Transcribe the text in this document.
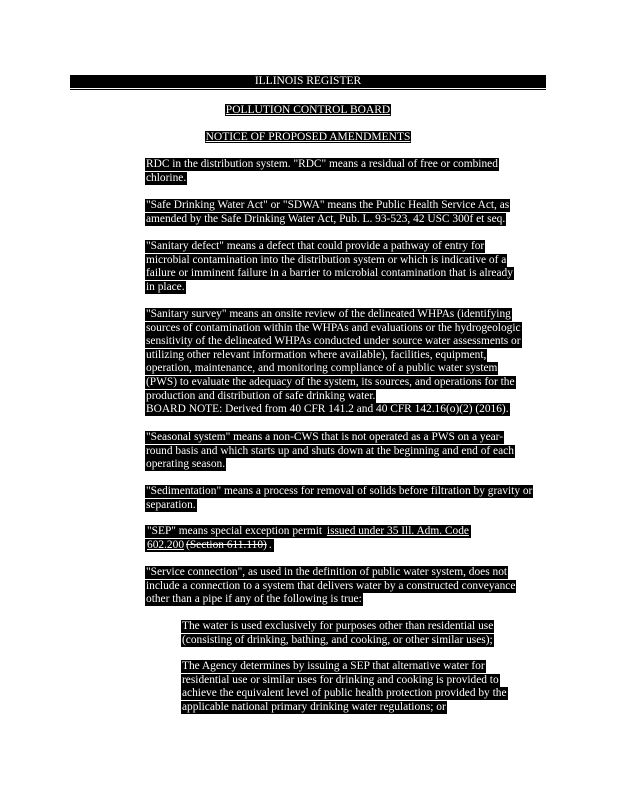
ILLINOIS REGISTER
POLLUTION CONTROL BOARD
NOTICE OF PROPOSED AMENDMENTS
RDC in the distribution system. "RDC" means a residual of free or combined
chlorine.
"Safe Drinking Water Act" or "SDWA" means the Public Health Service Act, as
amended by the Safe Drinking Water Act, Pub. L. 93-523, 42 USC 300f et seq.
"Sanitary defect" means a defect that could provide a pathway of entry for
microbial contamination into the distribution system or which is indicative of a
failure or imminent failure in a barrier to microbial contamination that is already
in place.
"Sanitary survey" means an onsite review of the delineated WHPAs (identifying
sources of contamination within the WHPAs and evaluations or the hydrogeologic
sensitivity of the delineated WHPAs conducted under source water assessments or
utilizing other relevant information where available), facilities, equipment,
operation, maintenance, and monitoring compliance of a public water system
(PWS) to evaluate the adequacy of the system, its sources, and operations for the
production and distribution of safe drinking water.
BOARD NOTE: Derived from 40 CFR 141.2 and 40 CFR 142.16(o)(2) (2016).
"Seasonal system" means a non-CWS that is not operated as a PWS on a year-
round basis and which starts up and shuts down at the beginning and end of each
operating season.
"Sedimentation" means a process for removal of solids before filtration by gravity or
separation.
"SEP" means special exception permit issued under 35 Ill. Adm. Code
602.200 (Section 611.110) .
"Service connection", as used in the definition of public water system, does not
include a connection to a system that delivers water by a constructed conveyance
other than a pipe if any of the following is true:
The water is used exclusively for purposes other than residential use
(consisting of drinking, bathing, and cooking, or other similar uses);
The Agency determines by issuing a SEP that alternative water for
residential use or similar uses for drinking and cooking is provided to
achieve the equivalent level of public health protection provided by the
applicable national primary drinking water regulations; or
